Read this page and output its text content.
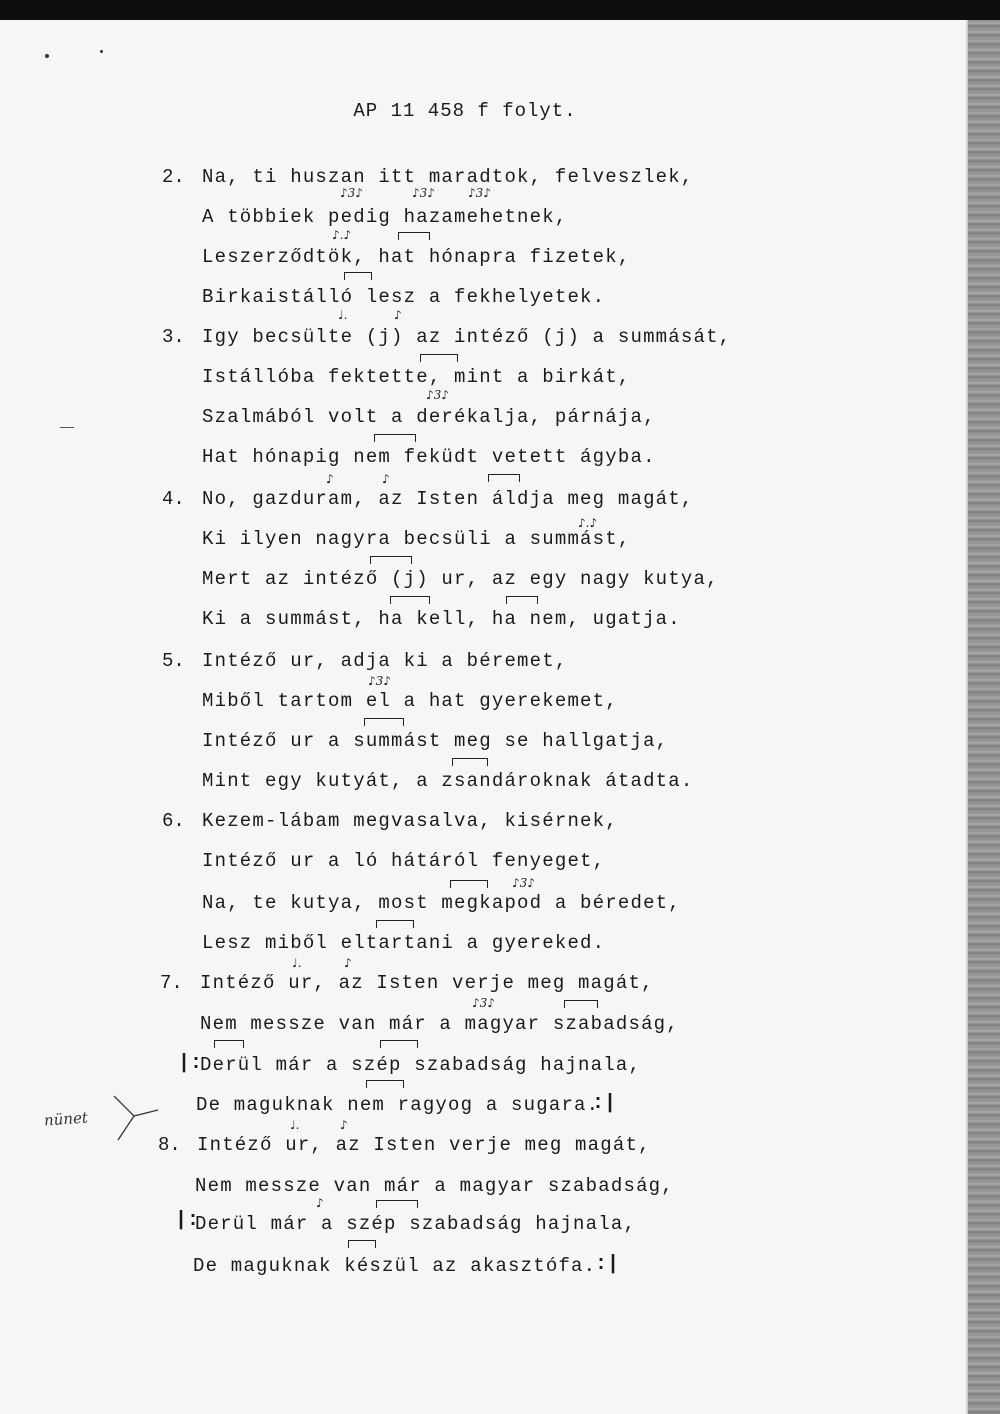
AP 11 458 f folyt.
2. Na, ti huszan itt maradtok, felveszlek,
A többiek pedig hazamehetnek,
Leszerződtök, hat hónapra fizetek,
Birkaistálló lesz a fekhelyetek.
3. Igy becsülte (j) az intéző (j) a summását,
Istállóba fektette, mint a birkát,
Szalmából volt a derékalja, párnája,
Hat hónapig nem feküdt vetett ágyba.
4. No, gazduram, az Isten áldja meg magát,
Ki ilyen nagyra becsüli a summást,
Mert az intéző (j) ur, az egy nagy kutya,
Ki a summást, ha kell, ha nem, ugatja.
5. Intéző ur, adja ki a béremet,
Miből tartom el a hat gyerekemet,
Intéző ur a summást meg se hallgatja,
Mint egy kutyát, a zsandároknak átadta.
6. Kezem-lábam megvasalva, kisérnek,
Intéző ur a ló hátáról fenyeget,
Na, te kutya, most megkapod a béredet,
Lesz miből eltartani a gyereked.
7. Intéző ur, az Isten verje meg magát,
Nem messze van már a magyar szabadság,
|:
Derül már a szép szabadság hajnala,
De maguknak nem ragyog a sugara.
:|
8. Intéző ur, az Isten verje meg magát,
Nem messze van már a magyar szabadság,
|:
Derül már a szép szabadság hajnala,
De maguknak készül az akasztófa.
:|
nünet
♪3♪	♪3♪	♪3♪
♪.♪
♩.	♪
♪3♪
♪	♪
♪.♪
♪3♪
♪3♪
♩.	♪
♪3♪
♩.	♪
♪
